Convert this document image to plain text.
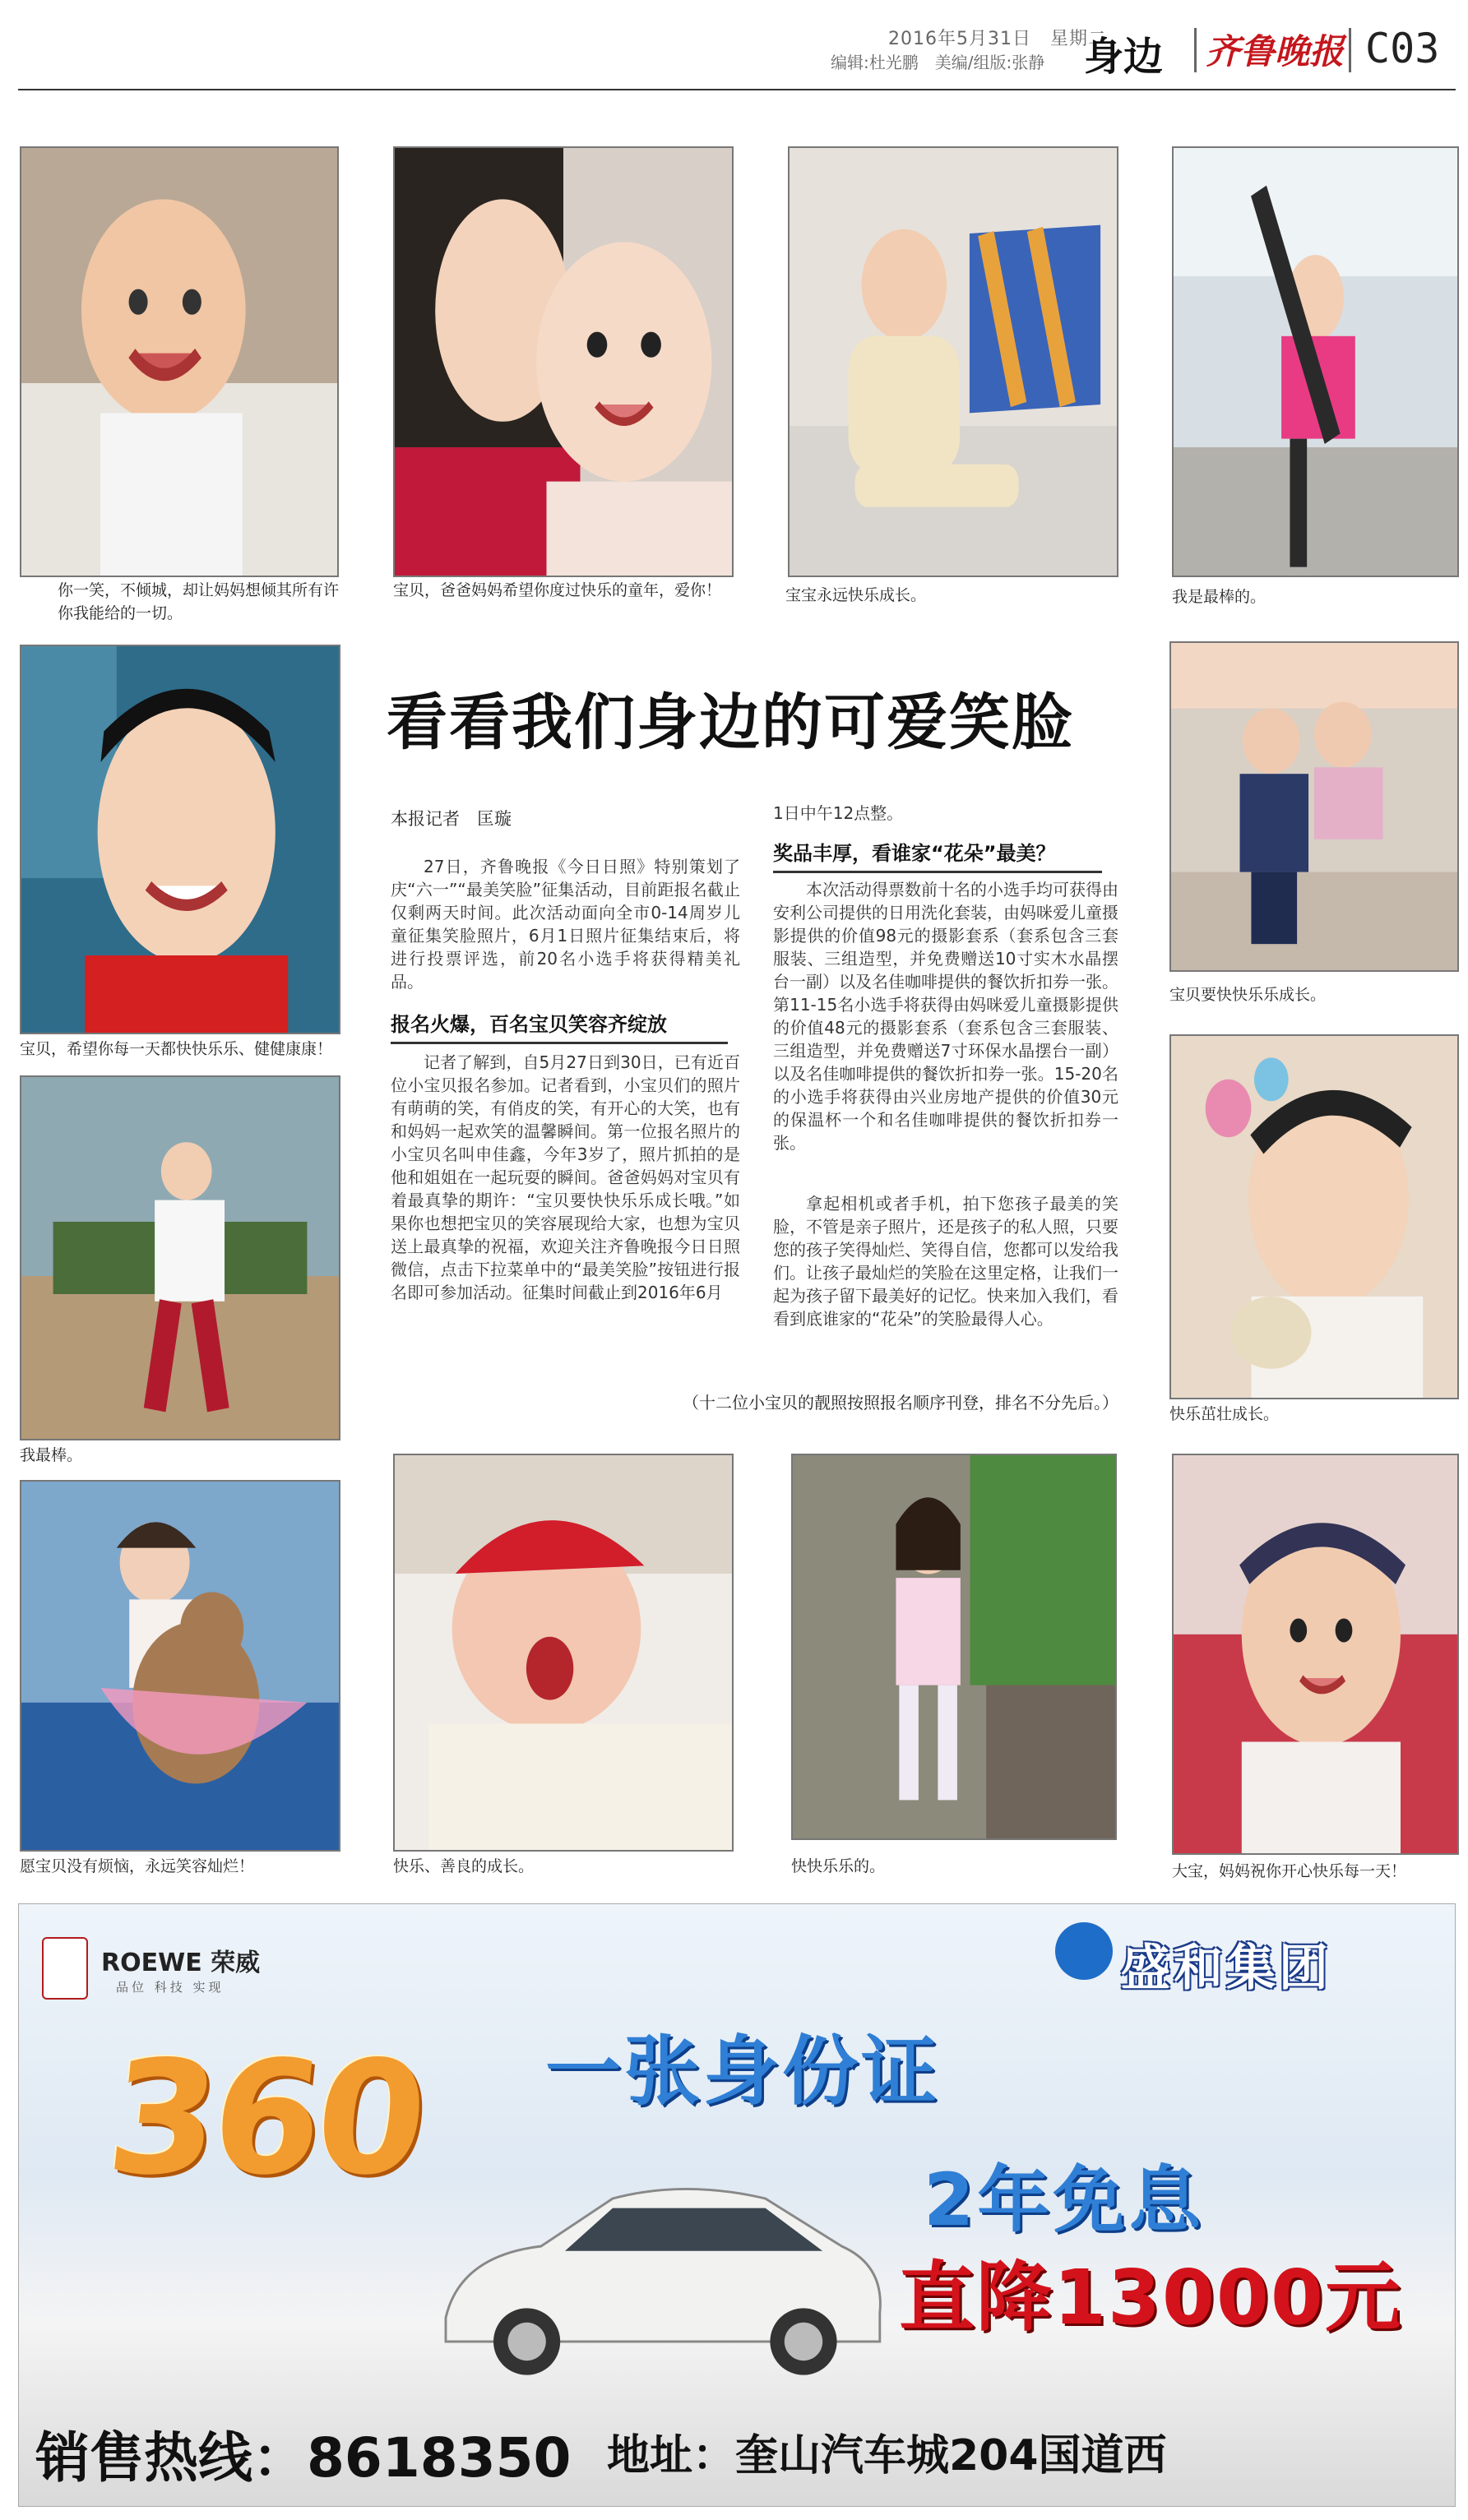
2016年5月31日　星期二
编辑:杜光鹏　美编/组版:张静 身边 齐鲁晚报 C03
你一笑，不倾城，却让妈妈想倾其所有许你我能给的一切。
宝贝，爸爸妈妈希望你度过快乐的童年，爱你！	宝宝永远快乐成长。	我是最棒的。
宝贝，希望你每一天都快快乐乐、健健康康！
我最棒。
宝贝要快快乐乐成长。
快乐茁壮成长。
看看我们身边的可爱笑脸
本报记者　匡璇
27日，齐鲁晚报《今日日照》特别策划了庆“六一”“最美笑脸”征集活动，目前距报名截止仅剩两天时间。此次活动面向全市0-14周岁儿童征集笑脸照片，6月1日照片征集结束后，将进行投票评选，前20名小选手将获得精美礼品。
报名火爆，百名宝贝笑容齐绽放
记者了解到，自5月27日到30日，已有近百位小宝贝报名参加。记者看到，小宝贝们的照片有萌萌的笑，有俏皮的笑，有开心的大笑，也有和妈妈一起欢笑的温馨瞬间。第一位报名照片的小宝贝名叫申佳鑫，今年3岁了，照片抓拍的是他和姐姐在一起玩耍的瞬间。爸爸妈妈对宝贝有着最真挚的期许：“宝贝要快快乐乐成长哦。”如果你也想把宝贝的笑容展现给大家，也想为宝贝送上最真挚的祝福，欢迎关注齐鲁晚报今日日照微信，点击下拉菜单中的“最美笑脸”按钮进行报名即可参加活动。征集时间截止到2016年6月
1日中午12点整。
奖品丰厚，看谁家“花朵”最美？
本次活动得票数前十名的小选手均可获得由安利公司提供的日用洗化套装，由妈咪爱儿童摄影提供的价值98元的摄影套系（套系包含三套服装、三组造型，并免费赠送10寸实木水晶摆台一副）以及名佳咖啡提供的餐饮折扣券一张。第11-15名小选手将获得由妈咪爱儿童摄影提供的价值48元的摄影套系（套系包含三套服装、三组造型，并免费赠送7寸环保水晶摆台一副）以及名佳咖啡提供的餐饮折扣券一张。15-20名的小选手将获得由兴业房地产提供的价值30元的保温杯一个和名佳咖啡提供的餐饮折扣券一张。
拿起相机或者手机，拍下您孩子最美的笑脸，不管是亲子照片，还是孩子的私人照，只要您的孩子笑得灿烂、笑得自信，您都可以发给我们。让孩子最灿烂的笑脸在这里定格，让我们一起为孩子留下最美好的记忆。快来加入我们，看看到底谁家的“花朵”的笑脸最得人心。
（十二位小宝贝的靓照按照报名顺序刊登，排名不分先后。）
愿宝贝没有烦恼，永远笑容灿烂！	快乐、善良的成长。	快快乐乐的。	大宝，妈妈祝你开心快乐每一天！
ROEWE 荣威
品位 科技 实现	盛和集团
360 一张身份证
2年免息
直降13000元
销售热线：8618350 地址：奎山汽车城204国道西
